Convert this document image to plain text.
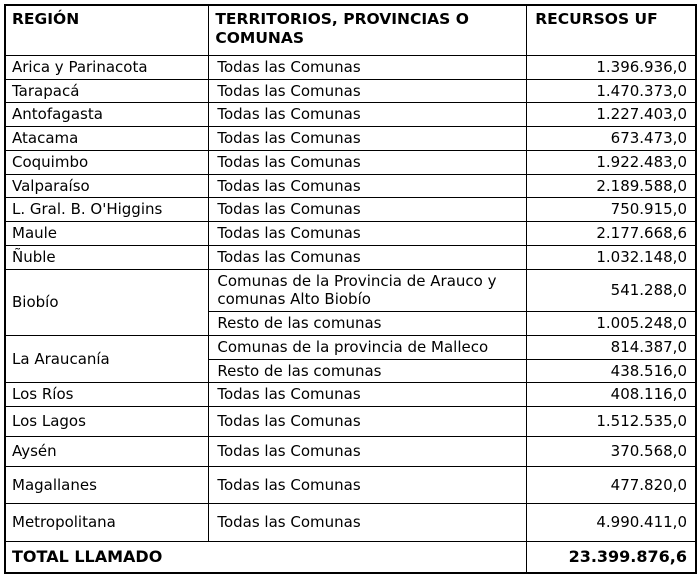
REGIÓN	TERRITORIOS, PROVINCIAS O COMUNAS	RECURSOS UF
Arica y Parinacota	Todas las Comunas	1.396.936,0
Tarapacá	Todas las Comunas	1.470.373,0
Antofagasta	Todas las Comunas	1.227.403,0
Atacama	Todas las Comunas	673.473,0
Coquimbo	Todas las Comunas	1.922.483,0
Valparaíso	Todas las Comunas	2.189.588,0
L. Gral. B. O'Higgins	Todas las Comunas	750.915,0
Maule	Todas las Comunas	2.177.668,6
Ñuble	Todas las Comunas	1.032.148,0
Biobío	Comunas de la Provincia de Arauco y comunas Alto Biobío	541.288,0
	Resto de las comunas	1.005.248,0
La Araucanía	Comunas de la provincia de Malleco	814.387,0
	Resto de las comunas	438.516,0
Los Ríos	Todas las Comunas	408.116,0
Los Lagos	Todas las Comunas	1.512.535,0
Aysén	Todas las Comunas	370.568,0
Magallanes	Todas las Comunas	477.820,0
Metropolitana	Todas las Comunas	4.990.411,0
TOTAL LLAMADO		23.399.876,6
